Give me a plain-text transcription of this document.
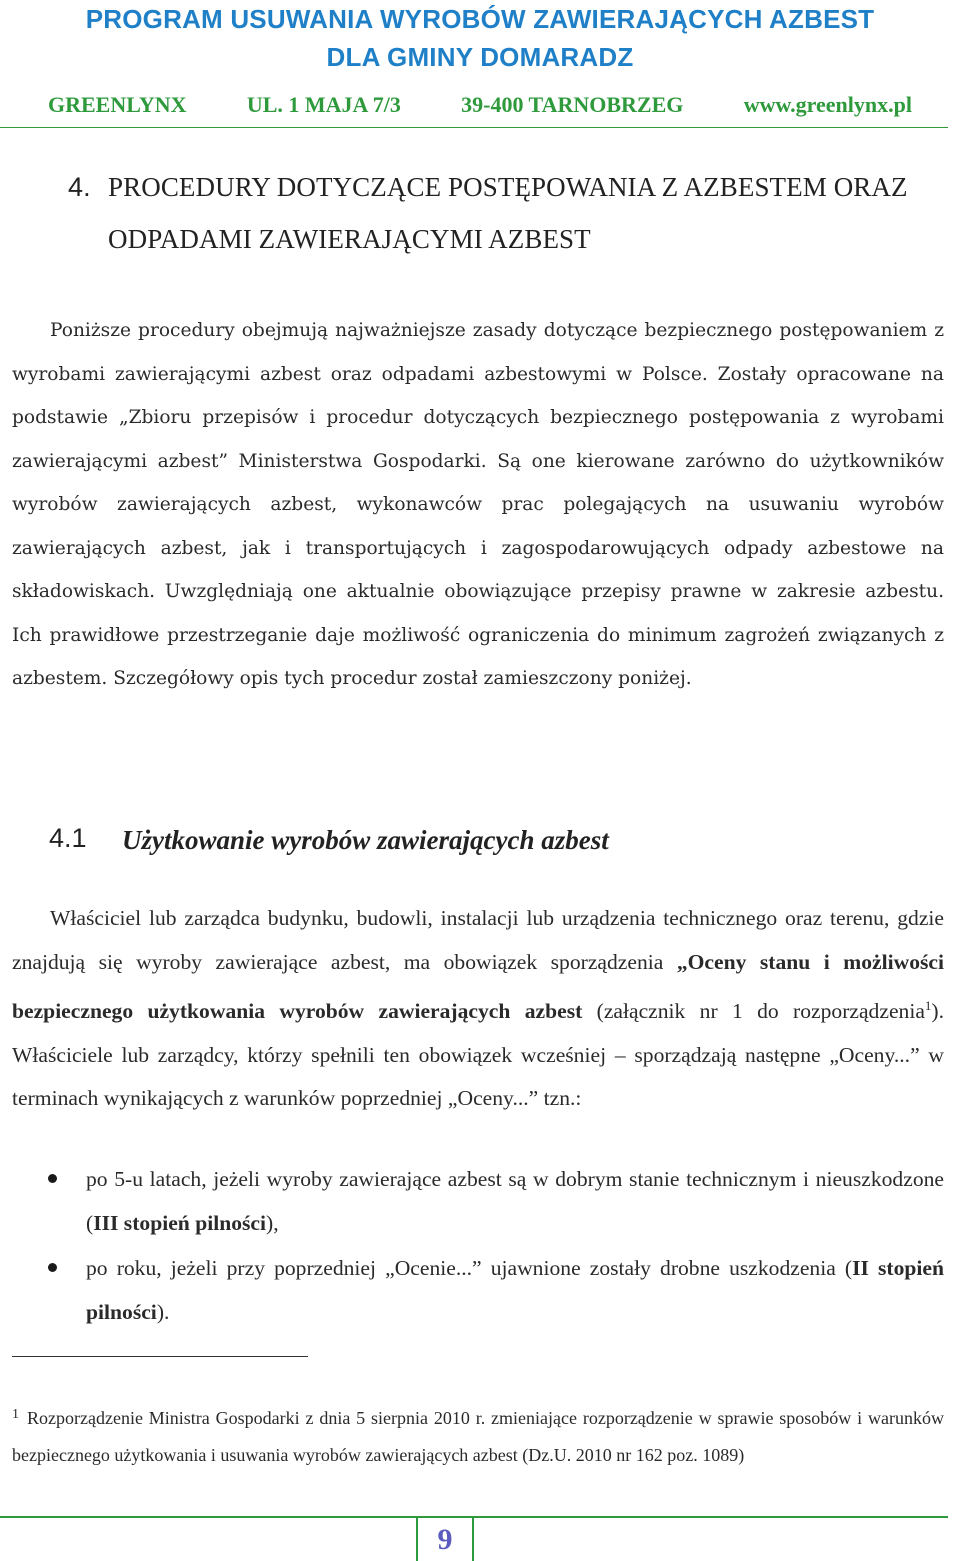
PROGRAM USUWANIA WYROBÓW ZAWIERAJĄCYCH AZBEST
DLA GMINY DOMARADZ
GREENLYNX	UL. 1 MAJA 7/3	39-400 TARNOBRZEG	www.greenlynx.pl
4. PROCEDURY DOTYCZĄCE POSTĘPOWANIA Z AZBESTEM ORAZ
ODPADAMI ZAWIERAJĄCYMI AZBEST

Poniższe procedury obejmują najważniejsze zasady dotyczące bezpiecznego postępowaniem z wyrobami zawierającymi azbest oraz odpadami azbestowymi w Polsce. Zostały opracowane na podstawie „Zbioru przepisów i procedur dotyczących bezpiecznego postępowania z wyrobami zawierającymi azbest” Ministerstwa Gospodarki. Są one kierowane zarówno do użytkowników wyrobów zawierających azbest, wykonawców prac polegających na usuwaniu wyrobów zawierających azbest, jak i transportujących i zagospodarowujących odpady azbestowe na składowiskach. Uwzględniają one aktualnie obowiązujące przepisy prawne w zakresie azbestu. Ich prawidłowe przestrzeganie daje możliwość ograniczenia do minimum zagrożeń związanych z azbestem. Szczegółowy opis tych procedur został zamieszczony poniżej.

4.1 Użytkowanie wyrobów zawierających azbest

Właściciel lub zarządca budynku, budowli, instalacji lub urządzenia technicznego oraz terenu, gdzie znajdują się wyroby zawierające azbest, ma obowiązek sporządzenia „Oceny stanu i możliwości bezpiecznego użytkowania wyrobów zawierających azbest (załącznik nr 1 do rozporządzenia$^1$). Właściciele lub zarządcy, którzy spełnili ten obowiązek wcześniej – sporządzają następne „Oceny...” w terminach wynikających z warunków poprzedniej „Oceny...” tzn.:

po 5-u latach, jeżeli wyroby zawierające azbest są w dobrym stanie technicznym i nieuszkodzone (III stopień pilności),
po roku, jeżeli przy poprzedniej „Ocenie...” ujawnione zostały drobne uszkodzenia (II stopień pilności).
$^1$ Rozporządzenie Ministra Gospodarki z dnia 5 sierpnia 2010 r. zmieniające rozporządzenie w sprawie sposobów i warunków bezpiecznego użytkowania i usuwania wyrobów zawierających azbest (Dz.U. 2010 nr 162 poz. 1089)
9
